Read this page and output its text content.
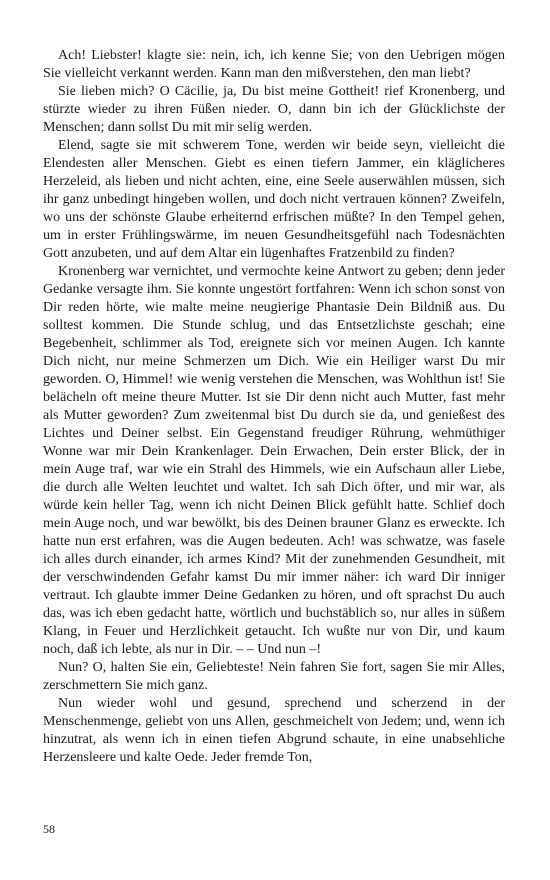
Ach! Liebster! klagte sie: nein, ich, ich kenne Sie; von den Uebrigen mögen Sie vielleicht verkannt werden. Kann man den mißverstehen, den man liebt?

Sie lieben mich? O Cäcilie, ja, Du bist meine Gottheit! rief Kronenberg, und stürzte wieder zu ihren Füßen nieder. O, dann bin ich der Glücklichste der Menschen; dann sollst Du mit mir selig werden.

Elend, sagte sie mit schwerem Tone, werden wir beide seyn, vielleicht die Elendesten aller Menschen. Giebt es einen tiefern Jammer, ein kläglicheres Herzeleid, als lieben und nicht achten, eine, eine Seele auserwählen müssen, sich ihr ganz unbedingt hingeben wollen, und doch nicht vertrauen können? Zweifeln, wo uns der schönste Glaube erheiternd erfrischen müßte? In den Tempel gehen, um in erster Frühlingswärme, im neuen Gesundheitsgefühl nach Todesnächten Gott anzubeten, und auf dem Altar ein lügenhaftes Fratzenbild zu finden?

Kronenberg war vernichtet, und vermochte keine Antwort zu geben; denn jeder Gedanke versagte ihm. Sie konnte ungestört fortfahren: Wenn ich schon sonst von Dir reden hörte, wie malte meine neugierige Phantasie Dein Bildniß aus. Du solltest kommen. Die Stunde schlug, und das Entsetzlichste geschah; eine Begebenheit, schlimmer als Tod, ereignete sich vor meinen Augen. Ich kannte Dich nicht, nur meine Schmerzen um Dich. Wie ein Heiliger warst Du mir geworden. O, Himmel! wie wenig verstehen die Menschen, was Wohlthun ist! Sie belächeln oft meine theure Mutter. Ist sie Dir denn nicht auch Mutter, fast mehr als Mutter geworden? Zum zweitenmal bist Du durch sie da, und genießest des Lichtes und Deiner selbst. Ein Gegenstand freudiger Rührung, wehmüthiger Wonne war mir Dein Krankenlager. Dein Erwachen, Dein erster Blick, der in mein Auge traf, war wie ein Strahl des Himmels, wie ein Aufschaun aller Liebe, die durch alle Welten leuchtet und waltet. Ich sah Dich öfter, und mir war, als würde kein heller Tag, wenn ich nicht Deinen Blick gefühlt hatte. Schlief doch mein Auge noch, und war bewölkt, bis des Deinen brauner Glanz es erweckte. Ich hatte nun erst erfahren, was die Augen bedeuten. Ach! was schwatze, was fasele ich alles durch einander, ich armes Kind? Mit der zunehmenden Gesundheit, mit der verschwindenden Gefahr kamst Du mir immer näher: ich ward Dir inniger vertraut. Ich glaubte immer Deine Gedanken zu hören, und oft sprachst Du auch das, was ich eben gedacht hatte, wörtlich und buchstäblich so, nur alles in süßem Klang, in Feuer und Herzlichkeit getaucht. Ich wußte nur von Dir, und kaum noch, daß ich lebte, als nur in Dir. – – Und nun –!

Nun? O, halten Sie ein, Geliebteste! Nein fahren Sie fort, sagen Sie mir Alles, zerschmettern Sie mich ganz.

Nun wieder wohl und gesund, sprechend und scherzend in der Menschenmenge, geliebt von uns Allen, geschmeichelt von Jedem; und, wenn ich hinzutrat, als wenn ich in einen tiefen Abgrund schaute, in eine unabsehliche Herzensleere und kalte Oede. Jeder fremde Ton,

58
